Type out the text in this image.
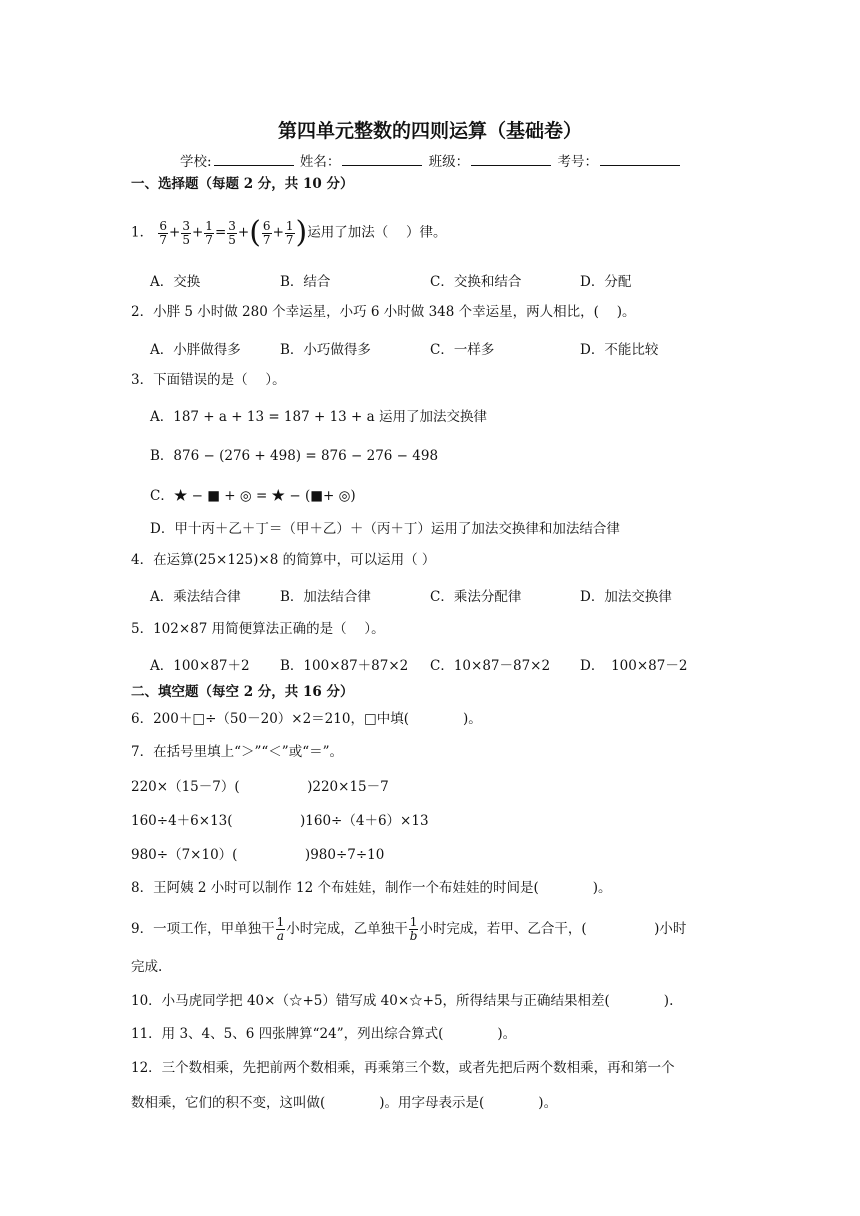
第四单元整数的四则运算（基础卷）
学校:	姓名：	班级：	考号：
一、选择题（每题 2 分，共 10 分）
1． $\frac{6}{7} + \frac{3}{5} + \frac{1}{7} = \frac{3}{5}$ +( $\frac{6}{7} + \frac{1}{7}$ )运用了加法（　 ）律。
A．交换	B．结合	C．交换和结合	D．分配
2．小胖 5 小时做 280 个幸运星，小巧 6 小时做 348 个幸运星，两人相比，(　 )。
A．小胖做得多	B．小巧做得多	C．一样多	D．不能比较
3．下面错误的是（　 ）。
A．187 + a + 13 = 187 + 13 + a 运用了加法交换律
B．876 − (276 + 498) = 876 − 276 − 498
C．★ − ■ + ◎ = ★ − (■+ ◎)
D．甲十丙＋乙＋丁＝（甲＋乙）＋（丙＋丁）运用了加法交换律和加法结合律
4．在运算(25×125)×8 的简算中，可以运用（ ）
A．乘法结合律	B．加法结合律	C．乘法分配律	D．加法交换律
5．102×87 用简便算法正确的是（　 ）。
A．100×87＋2 B．100×87＋87×2 C．10×87－87×2 D．　100×87－2
二、填空题（每空 2 分，共 16 分）
6．200＋□÷（50－20）×2＝210，□中填(　　　　)。
7．在括号里填上“＞”“＜”或“＝”。
220×（15－7）(　　　　　)220×15－7
160÷4＋6×13(　　　　　)160÷（4＋6）×13
980÷（7×10）(　　　　　)980÷7÷10
8．王阿姨 2 小时可以制作 12 个布娃娃，制作一个布娃娃的时间是(　　　　)。
9．一项工作，甲单独干 $\frac{1}{a}$ 小时完成，乙单独干 $\frac{1}{b}$ 小时完成，若甲、乙合干，(　　　　　)小时
完成.
10．小马虎同学把 40×（☆+5）错写成 40×☆+5，所得结果与正确结果相差(　　　　).
11．用 3、4、5、6 四张牌算“24”，列出综合算式(　　　　)。
12．三个数相乘，先把前两个数相乘，再乘第三个数，或者先把后两个数相乘，再和第一个
数相乘，它们的积不变，这叫做(　　　　)。用字母表示是(　　　　)。
